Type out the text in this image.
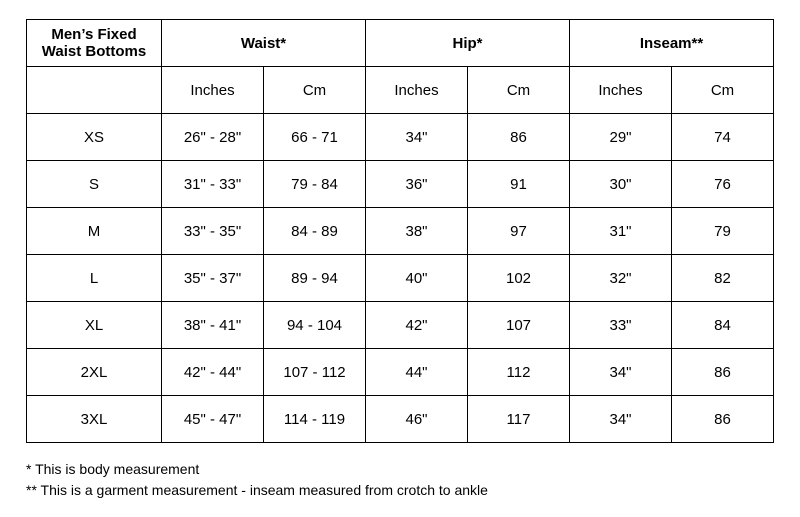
Men’s Fixed
Waist Bottoms	Waist*		Hip*		Inseam**	
	Inches	Cm	Inches	Cm	Inches	Cm
XS	26" - 28"	66 - 71	34"	86	29"	74
S	31" - 33"	79 - 84	36"	91	30"	76
M	33" - 35"	84 - 89	38"	97	31"	79
L	35" - 37"	89 - 94	40"	102	32"	82
XL	38" - 41"	94 - 104	42"	107	33"	84
2XL	42" - 44"	107 - 112	44"	112	34"	86
3XL	45" - 47"	114 - 119	46"	117	34"	86
* This is body measurement
** This is a garment measurement - inseam measured from crotch to ankle
